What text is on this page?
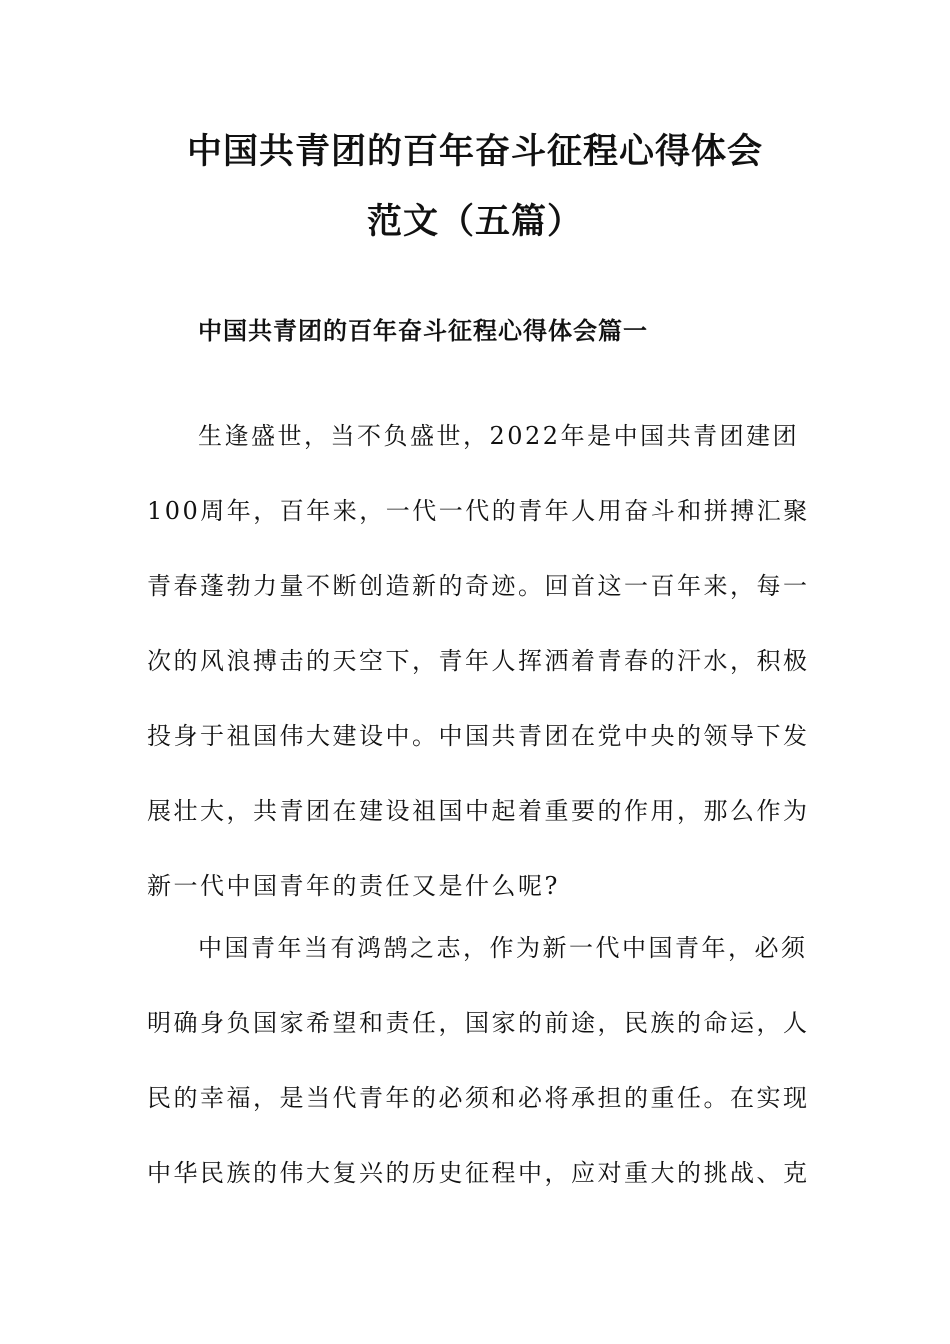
中国共青团的百年奋斗征程心得体会
范文（五篇）
中国共青团的百年奋斗征程心得体会篇一

生逢盛世，当不负盛世，2022年是中国共青团建团100周年，百年来，一代一代的青年人用奋斗和拼搏汇聚青春蓬勃力量不断创造新的奇迹。回首这一百年来，每一次的风浪搏击的天空下，青年人挥洒着青春的汗水，积极投身于祖国伟大建设中。中国共青团在党中央的领导下发展壮大，共青团在建设祖国中起着重要的作用，那么作为新一代中国青年的责任又是什么呢?

中国青年当有鸿鹄之志，作为新一代中国青年，必须明确身负国家希望和责任，国家的前途，民族的命运，人民的幸福，是当代青年的必须和必将承担的重任。在实现中华民族的伟大复兴的历史征程中，应对重大的挑战、克
